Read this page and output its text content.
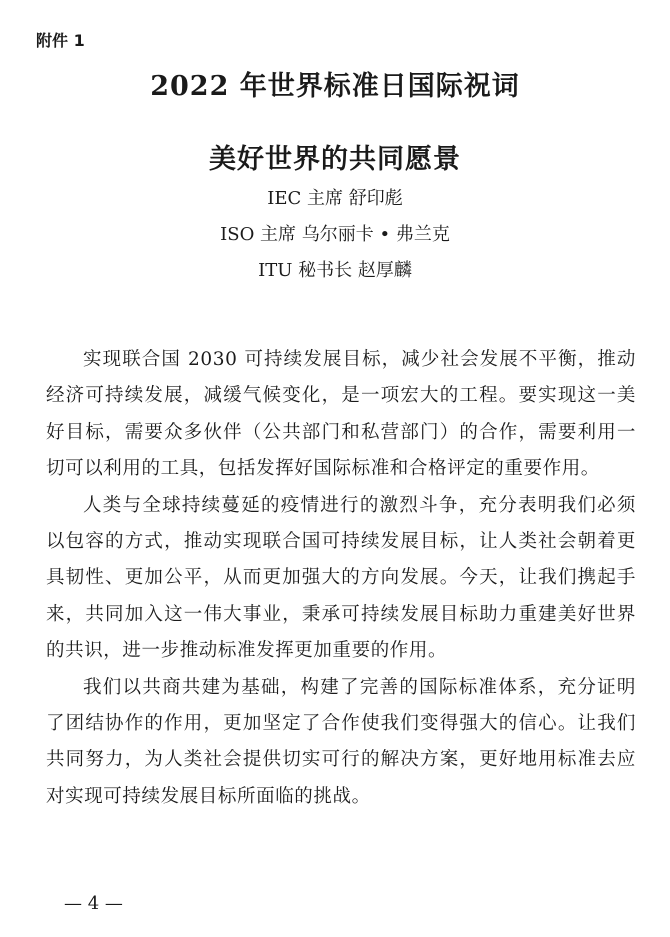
附件 1
2022 年世界标准日国际祝词
美好世界的共同愿景
IEC 主席 舒印彪
ISO 主席 乌尔丽卡 • 弗兰克
ITU 秘书长 赵厚麟

实现联合国 2030 可持续发展目标，减少社会发展不平衡，推动经济可持续发展，减缓气候变化，是一项宏大的工程。要实现这一美好目标，需要众多伙伴（公共部门和私营部门）的合作，需要利用一切可以利用的工具，包括发挥好国际标准和合格评定的重要作用。

人类与全球持续蔓延的疫情进行的激烈斗争，充分表明我们必须以包容的方式，推动实现联合国可持续发展目标，让人类社会朝着更具韧性、更加公平，从而更加强大的方向发展。今天，让我们携起手来，共同加入这一伟大事业，秉承可持续发展目标助力重建美好世界的共识，进一步推动标准发挥更加重要的作用。

我们以共商共建为基础，构建了完善的国际标准体系，充分证明了团结协作的作用，更加坚定了合作使我们变得强大的信心。让我们共同努力，为人类社会提供切实可行的解决方案，更好地用标准去应对实现可持续发展目标所面临的挑战。

— 4 —
